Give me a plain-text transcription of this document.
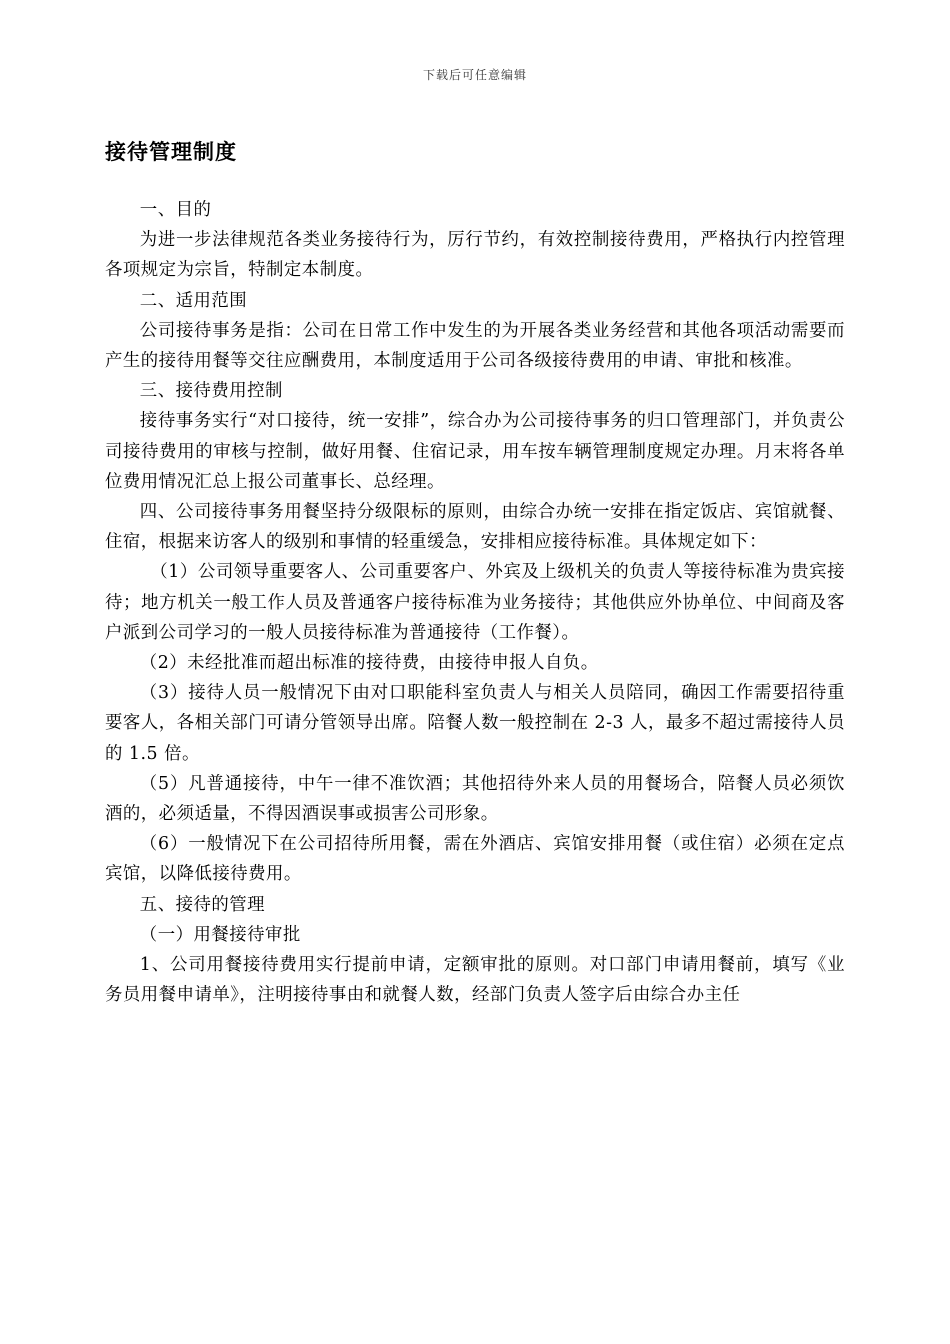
下载后可任意编辑
接待管理制度

一、目的

为进一步法律规范各类业务接待行为，厉行节约，有效控制接待费用，严格执行内控管理各项规定为宗旨，特制定本制度。

二、适用范围

公司接待事务是指：公司在日常工作中发生的为开展各类业务经营和其他各项活动需要而产生的接待用餐等交往应酬费用，本制度适用于公司各级接待费用的申请、审批和核准。

三、接待费用控制

接待事务实行“对口接待，统一安排”，综合办为公司接待事务的归口管理部门，并负责公司接待费用的审核与控制，做好用餐、住宿记录，用车按车辆管理制度规定办理。月末将各单位费用情况汇总上报公司董事长、总经理。

四、公司接待事务用餐坚持分级限标的原则，由综合办统一安排在指定饭店、宾馆就餐、住宿，根据来访客人的级别和事情的轻重缓急，安排相应接待标准。具体规定如下：

（1）公司领导重要客人、公司重要客户、外宾及上级机关的负责人等接待标准为贵宾接待；地方机关一般工作人员及普通客户接待标准为业务接待；其他供应外协单位、中间商及客户派到公司学习的一般人员接待标准为普通接待（工作餐）。

（2）未经批准而超出标准的接待费，由接待申报人自负。

（3）接待人员一般情况下由对口职能科室负责人与相关人员陪同，确因工作需要招待重要客人，各相关部门可请分管领导出席。陪餐人数一般控制在 2-3 人，最多不超过需接待人员的 1.5 倍。

（5）凡普通接待，中午一律不准饮酒；其他招待外来人员的用餐场合，陪餐人员必须饮酒的，必须适量，不得因酒误事或损害公司形象。

（6）一般情况下在公司招待所用餐，需在外酒店、宾馆安排用餐（或住宿）必须在定点宾馆，以降低接待费用。

五、接待的管理

（一）用餐接待审批

1、公司用餐接待费用实行提前申请，定额审批的原则。对口部门申请用餐前，填写《业务员用餐申请单》，注明接待事由和就餐人数，经部门负责人签字后由综合办主任
